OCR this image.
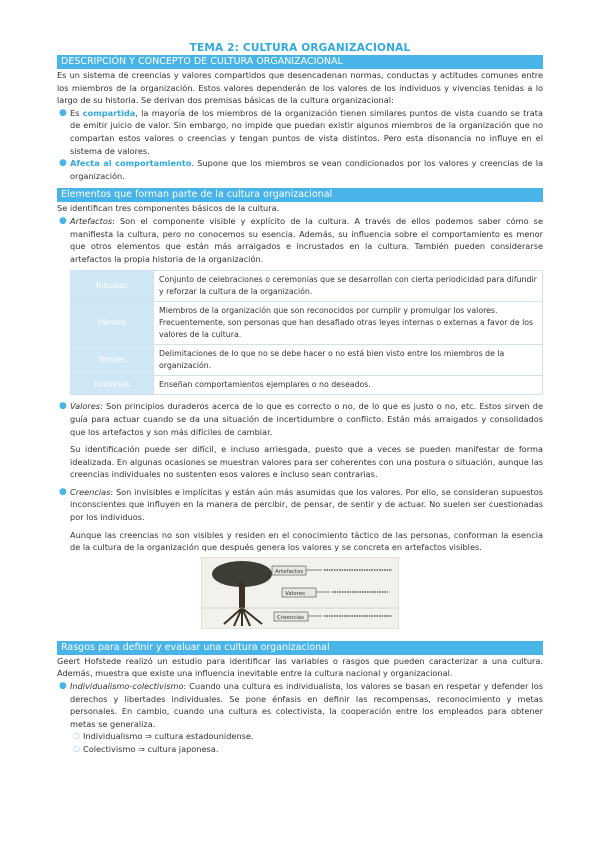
TEMA 2: CULTURA ORGANIZACIONAL
DESCRIPCIÓN Y CONCEPTO DE CULTURA ORGANIZACIONAL

Es un sistema de creencias y valores compartidos que desencadenan normas, conductas y actitudes comunes entre los miembros de la organización. Estos valores dependerán de los valores de los individuos y vivencias tenidas a lo largo de su historia. Se derivan dos premisas básicas de la cultura organizacional:

● Es compartida, la mayoría de los miembros de la organización tienen similares puntos de vista cuando se trata de emitir juicio de valor. Sin embargo, no impide que puedan existir algunos miembros de la organización que no compartan estos valores o creencias y tengan puntos de vista distintos. Pero esta disonancia no influye en el sistema de valores.
● Afecta al comportamiento. Supone que los miembros se vean condicionados por los valores y creencias de la organización.
Elementos que forman parte de la cultura organizacional

Se identifican tres componentes básicos de la cultura.

● Artefactos: Son el componente visible y explícito de la cultura. A través de ellos podemos saber cómo se manifiesta la cultura, pero no conocemos su esencia. Además, su influencia sobre el comportamiento es menor que otros elementos que están más arraigados e incrustados en la cultura. También pueden considerarse artefactos la propia historia de la organización.
Rituales	Conjunto de celebraciones o ceremonias que se desarrollan con cierta periodicidad para difundir y reforzar la cultura de la organización.
Héroes	Miembros de la organización que son reconocidos por cumplir y promulgar los valores. Frecuentemente, son personas que han desafiado otras leyes internas o externas a favor de los valores de la cultura.
Tabúes	Delimitaciones de lo que no se debe hacer o no está bien visto entre los miembros de la organización.
Historias	Enseñan comportamientos ejemplares o no deseados.
● Valores: Son principios duraderos acerca de lo que es correcto o no, de lo que es justo o no, etc. Estos sirven de guía para actuar cuando se da una situación de incertidumbre o conflicto. Están más arraigados y consolidados que los artefactos y son más difíciles de cambiar.

Su identificación puede ser difícil, e incluso arriesgada, puesto que a veces se pueden manifestar de forma idealizada. En algunas ocasiones se muestran valores para ser coherentes con una postura o situación, aunque las creencias individuales no sustenten esos valores e incluso sean contrarias.

● Creencias: Son invisibles e implícitas y están aún más asumidas que los valores. Por ello, se consideran supuestos inconscientes que influyen en la manera de percibir, de pensar, de sentir y de actuar. No suelen ser cuestionadas por los individuos.

Aunque las creencias no son visibles y residen en el conocimiento táctico de las personas, conforman la esencia de la cultura de la organización que después genera los valores y se concreta en artefactos visibles.

Artefactos
Valores
Creencias
Rasgos para definir y evaluar una cultura organizacional

Geert Hofstede realizó un estudio para identificar las variables o rasgos que pueden caracterizar a una cultura. Además, muestra que existe una influencia inevitable entre la cultura nacional y organizacional.

● Individualismo-colectivismo: Cuando una cultura es individualista, los valores se basan en respetar y defender los derechos y libertades individuales. Se pone énfasis en definir las recompensas, reconocimiento y metas personales. En cambio, cuando una cultura es colectivista, la cooperación entre los empleados para obtener metas se generaliza.
○ Individualismo ⇒ cultura estadounidense.
○ Colectivismo ⇒ cultura japonesa.
